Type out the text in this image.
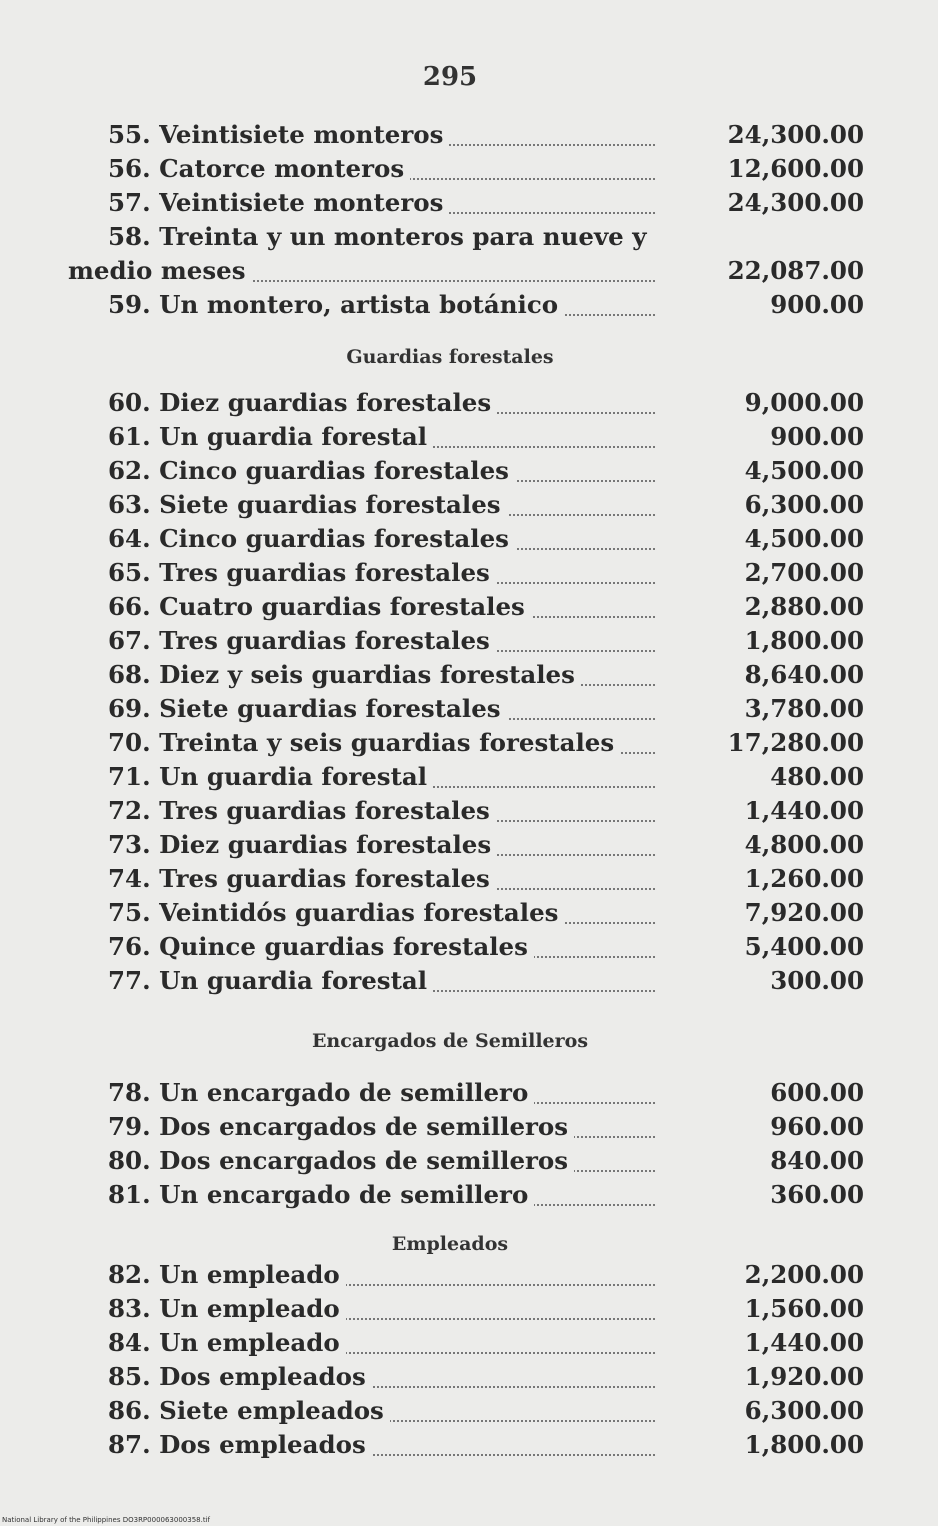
295
55. Veintisiete monteros	24,300.00
56. Catorce monteros	12,600.00
57. Veintisiete monteros	24,300.00
58. Treinta y un monteros para nueve y
medio meses	22,087.00
59. Un montero, artista botánico	900.00
Guardias forestales
60. Diez guardias forestales	9,000.00
61. Un guardia forestal	900.00
62. Cinco guardias forestales	4,500.00
63. Siete guardias forestales	6,300.00
64. Cinco guardias forestales	4,500.00
65. Tres guardias forestales	2,700.00
66. Cuatro guardias forestales	2,880.00
67. Tres guardias forestales	1,800.00
68. Diez y seis guardias forestales	8,640.00
69. Siete guardias forestales	3,780.00
70. Treinta y seis guardias forestales	17,280.00
71. Un guardia forestal	480.00
72. Tres guardias forestales	1,440.00
73. Diez guardias forestales	4,800.00
74. Tres guardias forestales	1,260.00
75. Veintidós guardias forestales	7,920.00
76. Quince guardias forestales	5,400.00
77. Un guardia forestal	300.00
Encargados de Semilleros
78. Un encargado de semillero	600.00
79. Dos encargados de semilleros	960.00
80. Dos encargados de semilleros	840.00
81. Un encargado de semillero	360.00
Empleados
82. Un empleado	2,200.00
83. Un empleado	1,560.00
84. Un empleado	1,440.00
85. Dos empleados	1,920.00
86. Siete empleados	6,300.00
87. Dos empleados	1,800.00
National Library of the Philippines DO3RP000063000358.tif
